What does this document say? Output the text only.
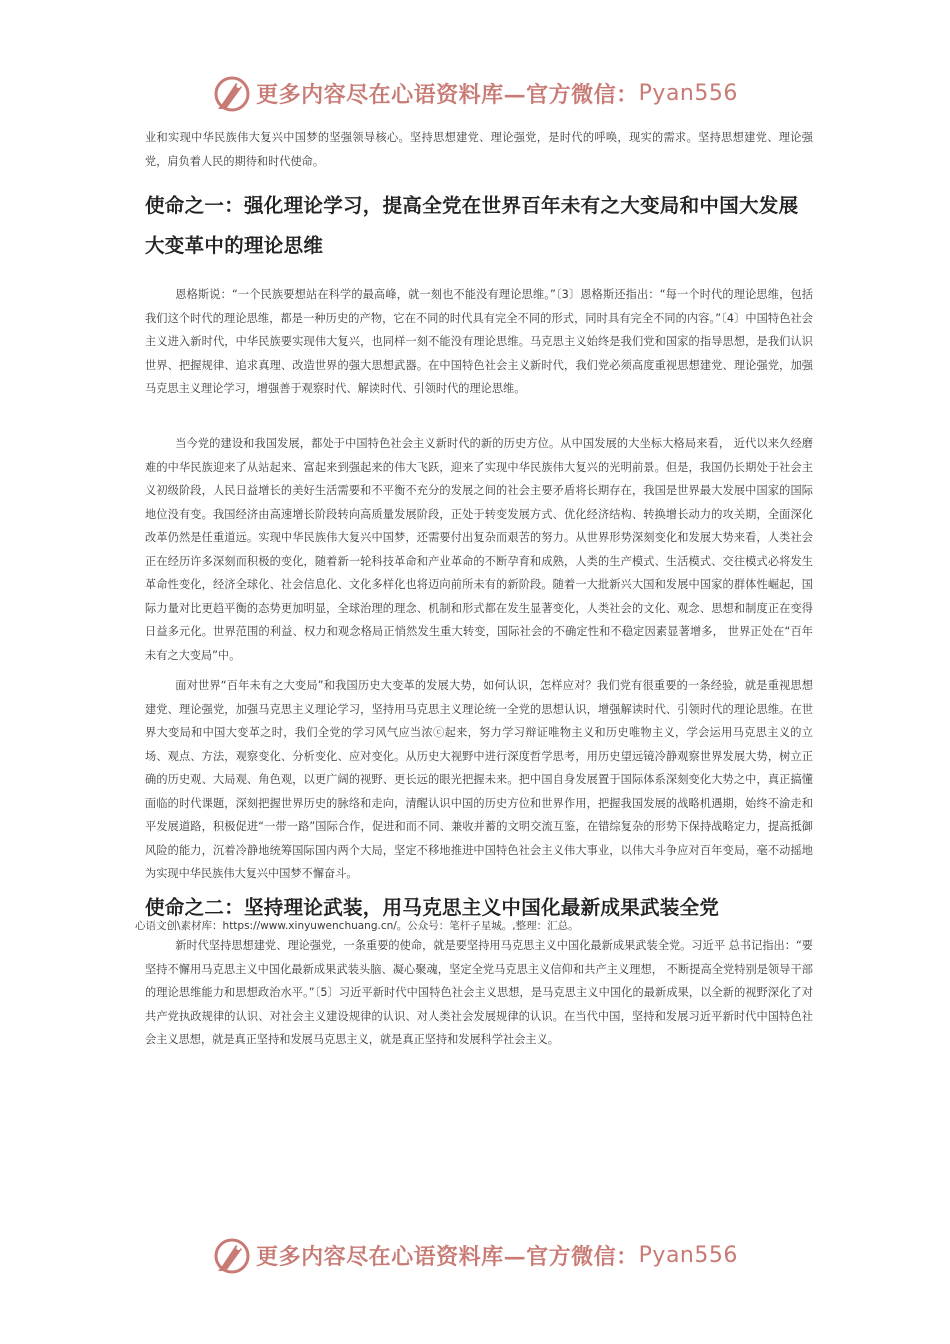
更多内容尽在心语资料库—官方微信： Pyan556

业和实现中华民族伟大复兴中国梦的坚强领导核心。坚持思想建党、理论强党，是时代的呼唤，现实的需求。坚持思想建党、理论强党，肩负着人民的期待和时代使命。

使命之一：强化理论学习，提高全党在世界百年未有之大变局和中国大发展大变革中的理论思维

恩格斯说：“一个民族要想站在科学的最高峰，就一刻也不能没有理论思维。”〔3〕恩格斯还指出：“每一个时代的理论思维，包括我们这个时代的理论思维，都是一种历史的产物，它在不同的时代具有完全不同的形式，同时具有完全不同的内容。”〔4〕中国特色社会主义进入新时代，中华民族要实现伟大复兴，也同样一刻不能没有理论思维。马克思主义始终是我们党和国家的指导思想，是我们认识世界、把握规律、追求真理、改造世界的强大思想武器。在中国特色社会主义新时代，我们党必须高度重视思想建党、理论强党，加强马克思主义理论学习，增强善于观察时代、解读时代、引领时代的理论思维。

当今党的建设和我国发展，都处于中国特色社会主义新时代的新的历史方位。从中国发展的大坐标大格局来看， 近代以来久经磨难的中华民族迎来了从站起来、富起来到强起来的伟大飞跃，迎来了实现中华民族伟大复兴的光明前景。但是，我国仍长期处于社会主义初级阶段，人民日益增长的美好生活需要和不平衡不充分的发展之间的社会主要矛盾将长期存在，我国是世界最大发展中国家的国际地位没有变。我国经济由高速增长阶段转向高质量发展阶段，正处于转变发展方式、优化经济结构、转换增长动力的攻关期，全面深化改革仍然是任重道远。实现中华民族伟大复兴中国梦，还需要付出复杂而艰苦的努力。从世界形势深刻变化和发展大势来看，人类社会正在经历许多深刻而积极的变化，随着新一轮科技革命和产业革命的不断孕育和成熟，人类的生产模式、生活模式、交往模式必将发生革命性变化，经济全球化、社会信息化、文化多样化也将迈向前所未有的新阶段。随着一大批新兴大国和发展中国家的群体性崛起，国际力量对比更趋平衡的态势更加明显，全球治理的理念、机制和形式都在发生显著变化，人类社会的文化、观念、思想和制度正在变得日益多元化。世界范围的利益、权力和观念格局正悄然发生重大转变，国际社会的不确定性和不稳定因素显著增多， 世界正处在“百年未有之大变局”中。

面对世界“百年未有之大变局”和我国历史大变革的发展大势，如何认识，怎样应对？我们党有很重要的一条经验，就是重视思想建党、理论强党，加强马克思主义理论学习，坚持用马克思主义理论统一全党的思想认识，增强解读时代、引领时代的理论思维。在世界大变局和中国大变革之时，我们全党的学习风气应当浓ⓒ起来，努力学习辩证唯物主义和历史唯物主义，学会运用马克思主义的立场、观点、方法，观察变化、分析变化、应对变化。从历史大视野中进行深度哲学思考，用历史望远镜冷静观察世界发展大势，树立正确的历史观、大局观、角色观，以更广阔的视野、更长远的眼光把握未来。把中国自身发展置于国际体系深刻变化大势之中，真正搞懂面临的时代课题，深刻把握世界历史的脉络和走向，清醒认识中国的历史方位和世界作用，把握我国发展的战略机遇期，始终不渝走和平发展道路，积极促进“一带一路”国际合作，促进和而不同、兼收并蓄的文明交流互鉴，在错综复杂的形势下保持战略定力，提高抵御风险的能力，沉着冷静地统筹国际国内两个大局，坚定不移地推进中国特色社会主义伟大事业，以伟大斗争应对百年变局，毫不动摇地为实现中华民族伟大复兴中国梦不懈奋斗。

使命之二：坚持理论武装，用马克思主义中国化最新成果武装全党

心语文创\素材库：https://www.xinyuwenchuang.cn/。公众号：笔杆子星城。,整理：汇总。

新时代坚持思想建党、理论强党，一条重要的使命，就是要坚持用马克思主义中国化最新成果武装全党。习近平 总书记指出：“要坚持不懈用马克思主义中国化最新成果武装头脑、凝心聚魂，坚定全党马克思主义信仰和共产主义理想， 不断提高全党特别是领导干部的理论思维能力和思想政治水平。”〔5〕习近平新时代中国特色社会主义思想，是马克思主义中国化的最新成果，以全新的视野深化了对共产党执政规律的认识、对社会主义建设规律的认识、对人类社会发展规律的认识。在当代中国，坚持和发展习近平新时代中国特色社会主义思想，就是真正坚持和发展马克思主义，就是真正坚持和发展科学社会主义。

更多内容尽在心语资料库—官方微信： Pyan556
